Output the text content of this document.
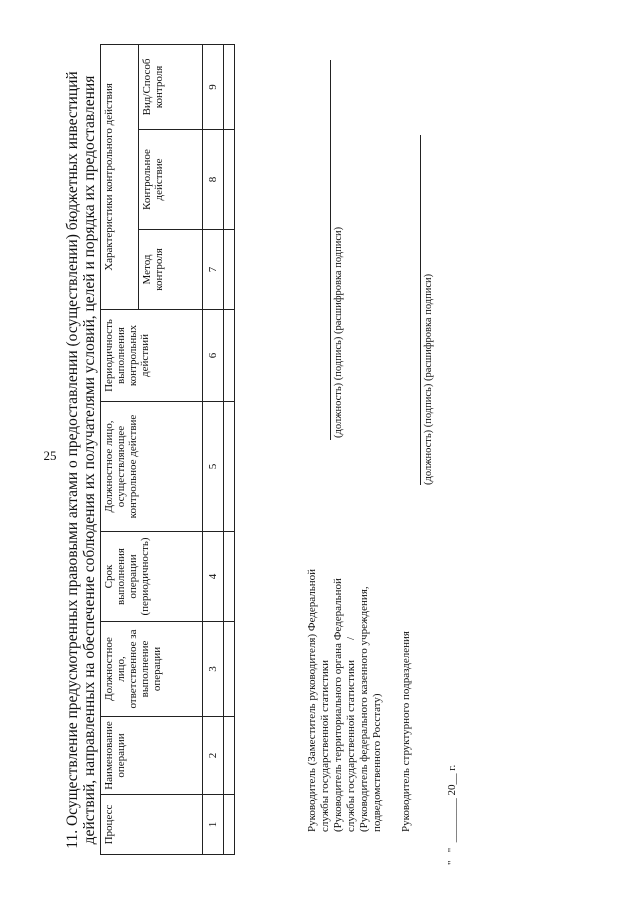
25 11. Осуществление предусмотренных правовыми актами о предоставлении (осуществлении) бюджетных инвестиций действий, направленных на обеспечение соблюдения их получателями условий, целей и порядка их предоставления Процесс	Наименование операции	Должностное лицо, ответственное за выполнение операции	Срок выполнения операции (периодичность)	Должностное лицо, осуществляющее контрольное действие	Периодичность выполнения контрольных действий	Характеристики контрольного действия		
						Метод контроля	Контрольное действие	Вид/Способ контроля
1	2	3	4	5	6	7	8	9

Руководитель (Заместитель руководителя) Федеральной службы государственной статистики (Руководитель территориального органа Федеральной службы государственной статистики
/ (Руководитель федерального казенного учреждения, подведомственного Росстату)
(должность) (подпись) (расшифровка подписи)
Руководитель структурного подразделения
(должность) (подпись) (расшифровка подписи)
"   "  ________ 20__ г.
